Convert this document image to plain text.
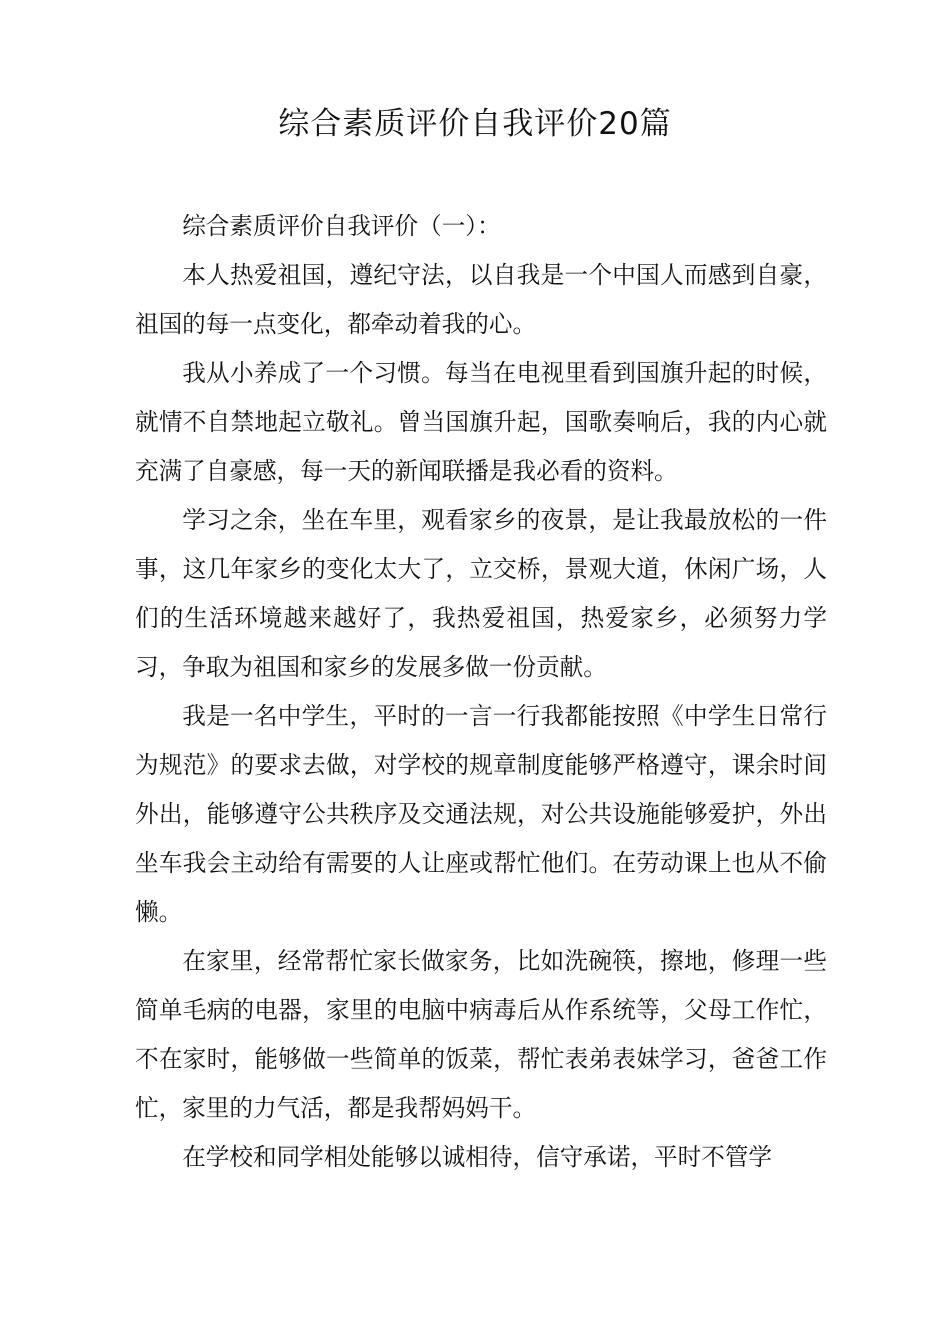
综合素质评价自我评价20篇

综合素质评价自我评价（一）：

本人热爱祖国，遵纪守法，以自我是一个中国人而感到自豪，祖国的每一点变化，都牵动着我的心。

我从小养成了一个习惯。每当在电视里看到国旗升起的时候，就情不自禁地起立敬礼。曾当国旗升起，国歌奏响后，我的内心就充满了自豪感，每一天的新闻联播是我必看的资料。

学习之余，坐在车里，观看家乡的夜景，是让我最放松的一件事，这几年家乡的变化太大了，立交桥，景观大道，休闲广场，人们的生活环境越来越好了，我热爱祖国，热爱家乡，必须努力学习，争取为祖国和家乡的发展多做一份贡献。

我是一名中学生，平时的一言一行我都能按照《中学生日常行为规范》的要求去做，对学校的规章制度能够严格遵守，课余时间外出，能够遵守公共秩序及交通法规，对公共设施能够爱护，外出坐车我会主动给有需要的人让座或帮忙他们。在劳动课上也从不偷懒。

在家里，经常帮忙家长做家务，比如洗碗筷，擦地，修理一些简单毛病的电器，家里的电脑中病毒后从作系统等，父母工作忙，不在家时，能够做一些简单的饭菜，帮忙表弟表妹学习，爸爸工作忙，家里的力气活，都是我帮妈妈干。

在学校和同学相处能够以诚相待，信守承诺，平时不管学
